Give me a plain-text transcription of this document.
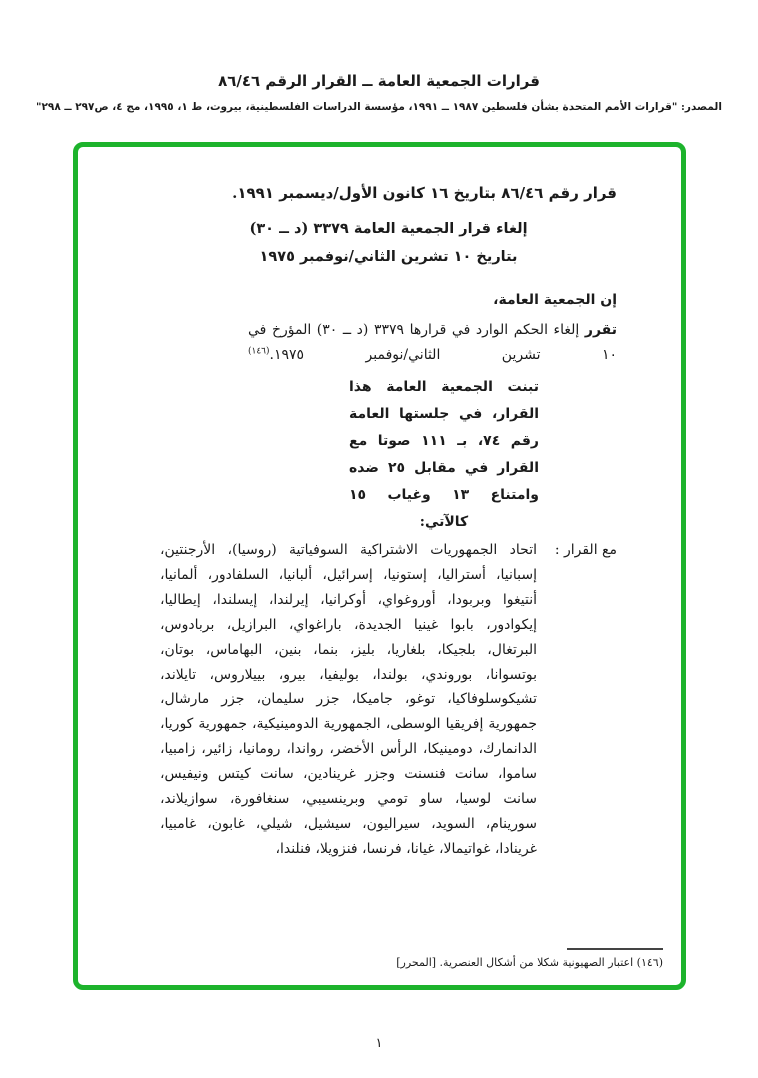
قرارات الجمعية العامة ــ القرار الرقم ٨٦/٤٦
المصدر: "قرارات الأمم المتحدة بشأن فلسطين ١٩٨٧ ــ ١٩٩١، مؤسسة الدراسات الفلسطينية، بيروت، ط ١، ١٩٩٥، مج ٤، ص٢٩٧ ــ ٢٩٨"
قرار رقم ٨٦/٤٦ بتاريخ ١٦ كانون الأول/ديسمبر ١٩٩١.
إلغاء قرار الجمعية العامة ٣٣٧٩ (د ــ ٣٠)
بتاريخ ١٠ تشرين الثاني/نوفمبر ١٩٧٥

إن الجمعية العامة،

تقرر إلغاء الحكم الوارد في قرارها ٣٣٧٩ (د ــ ٣٠) المؤرخ في ١٠ تشرين الثاني/نوفمبر ١٩٧٥.$^{(١٤٦)}$

تبنت الجمعية العامة هذا القرار، في جلستها العامة رقم ٧٤، بـ ١١١ صوتا مع القرار في مقابل ٢٥ ضده وامتناع ١٣ وغياب ١٥ كالآتي:
مع القرار :
اتحاد الجمهوريات الاشتراكية السوفياتية (روسيا)، الأرجنتين، إسبانيا، أستراليا، إستونيا، إسرائيل، ألبانيا، السلفادور، ألمانيا، أنتيغوا وبربودا، أوروغواي، أوكرانيا، إيرلندا، إيسلندا، إيطاليا، إيكوادور، بابوا غينيا الجديدة، باراغواي، البرازيل، بربادوس، البرتغال، بلجيكا، بلغاريا، بليز، بنما، بنين، البهاماس، بوتان، بوتسوانا، بوروندي، بولندا، بوليفيا، بيرو، بييلاروس، تايلاند، تشيكوسلوفاكيا، توغو، جاميكا، جزر سليمان، جزر مارشال، جمهورية إفريقيا الوسطى، الجمهورية الدومينيكية، جمهورية كوريا، الدانمارك، دومينيكا، الرأس الأخضر، رواندا، رومانيا، زائير، زامبيا، ساموا، سانت فنسنت وجزر غرينادين، سانت كيتس ونيفيس، سانت لوسيا، ساو تومي وبرينسيبي، سنغافورة، سوازيلاند، سورينام، السويد، سيراليون، سيشيل، شيلي، غابون، غامبيا، غرينادا، غواتيمالا، غيانا، فرنسا، فنزويلا، فنلندا،
(١٤٦) اعتبار الصهيونية شكلا من أشكال العنصرية. [المحرر]
١
